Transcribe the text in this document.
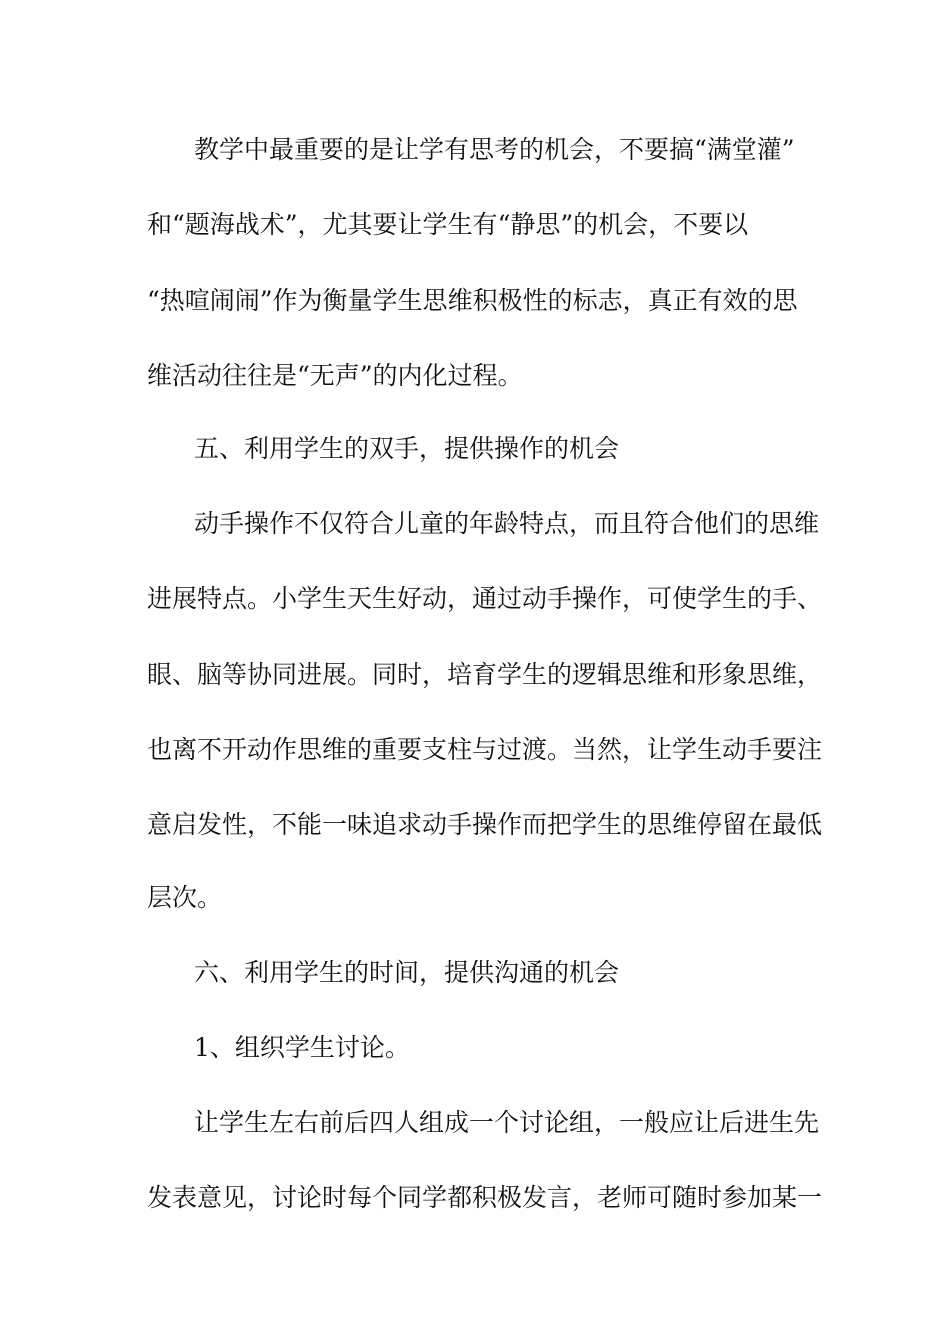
教学中最重要的是让学有思考的机会，不要搞“满堂灌”
和“题海战术”，尤其要让学生有“静思”的机会，不要以
“热喧闹闹”作为衡量学生思维积极性的标志，真正有效的思
维活动往往是“无声”的内化过程。
五、利用学生的双手，提供操作的机会
动手操作不仅符合儿童的年龄特点，而且符合他们的思维
进展特点。小学生天生好动，通过动手操作，可使学生的手、
眼、脑等协同进展。同时，培育学生的逻辑思维和形象思维，
也离不开动作思维的重要支柱与过渡。当然，让学生动手要注
意启发性，不能一味追求动手操作而把学生的思维停留在最低
层次。
六、利用学生的时间，提供沟通的机会
1、组织学生讨论。
让学生左右前后四人组成一个讨论组，一般应让后进生先
发表意见，讨论时每个同学都积极发言，老师可随时参加某一
